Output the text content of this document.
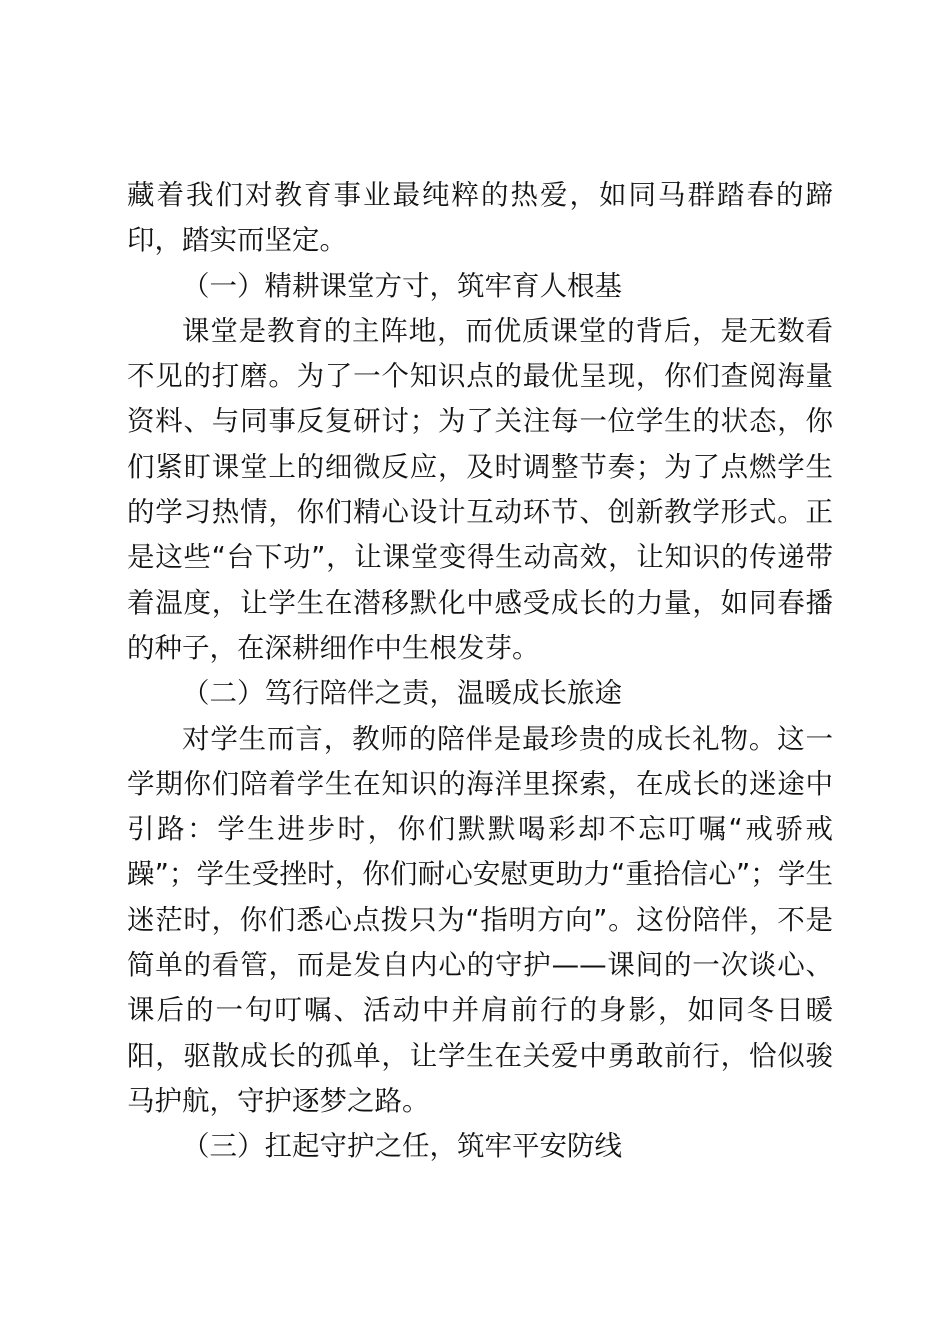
藏着我们对教育事业最纯粹的热爱，如同马群踏春的蹄印，踏实而坚定。

（一）精耕课堂方寸，筑牢育人根基

课堂是教育的主阵地，而优质课堂的背后，是无数看不见的打磨。为了一个知识点的最优呈现，你们查阅海量资料、与同事反复研讨；为了关注每一位学生的状态，你们紧盯课堂上的细微反应，及时调整节奏；为了点燃学生的学习热情，你们精心设计互动环节、创新教学形式。正是这些“台下功”，让课堂变得生动高效，让知识的传递带着温度，让学生在潜移默化中感受成长的力量，如同春播的种子，在深耕细作中生根发芽。

（二）笃行陪伴之责，温暖成长旅途

对学生而言，教师的陪伴是最珍贵的成长礼物。这一学期你们陪着学生在知识的海洋里探索，在成长的迷途中引路：学生进步时，你们默默喝彩却不忘叮嘱“戒骄戒躁”；学生受挫时，你们耐心安慰更助力“重拾信心”；学生迷茫时，你们悉心点拨只为“指明方向”。这份陪伴，不是简单的看管，而是发自内心的守护——课间的一次谈心、课后的一句叮嘱、活动中并肩前行的身影，如同冬日暖阳，驱散成长的孤单，让学生在关爱中勇敢前行，恰似骏马护航，守护逐梦之路。

（三）扛起守护之任，筑牢平安防线
